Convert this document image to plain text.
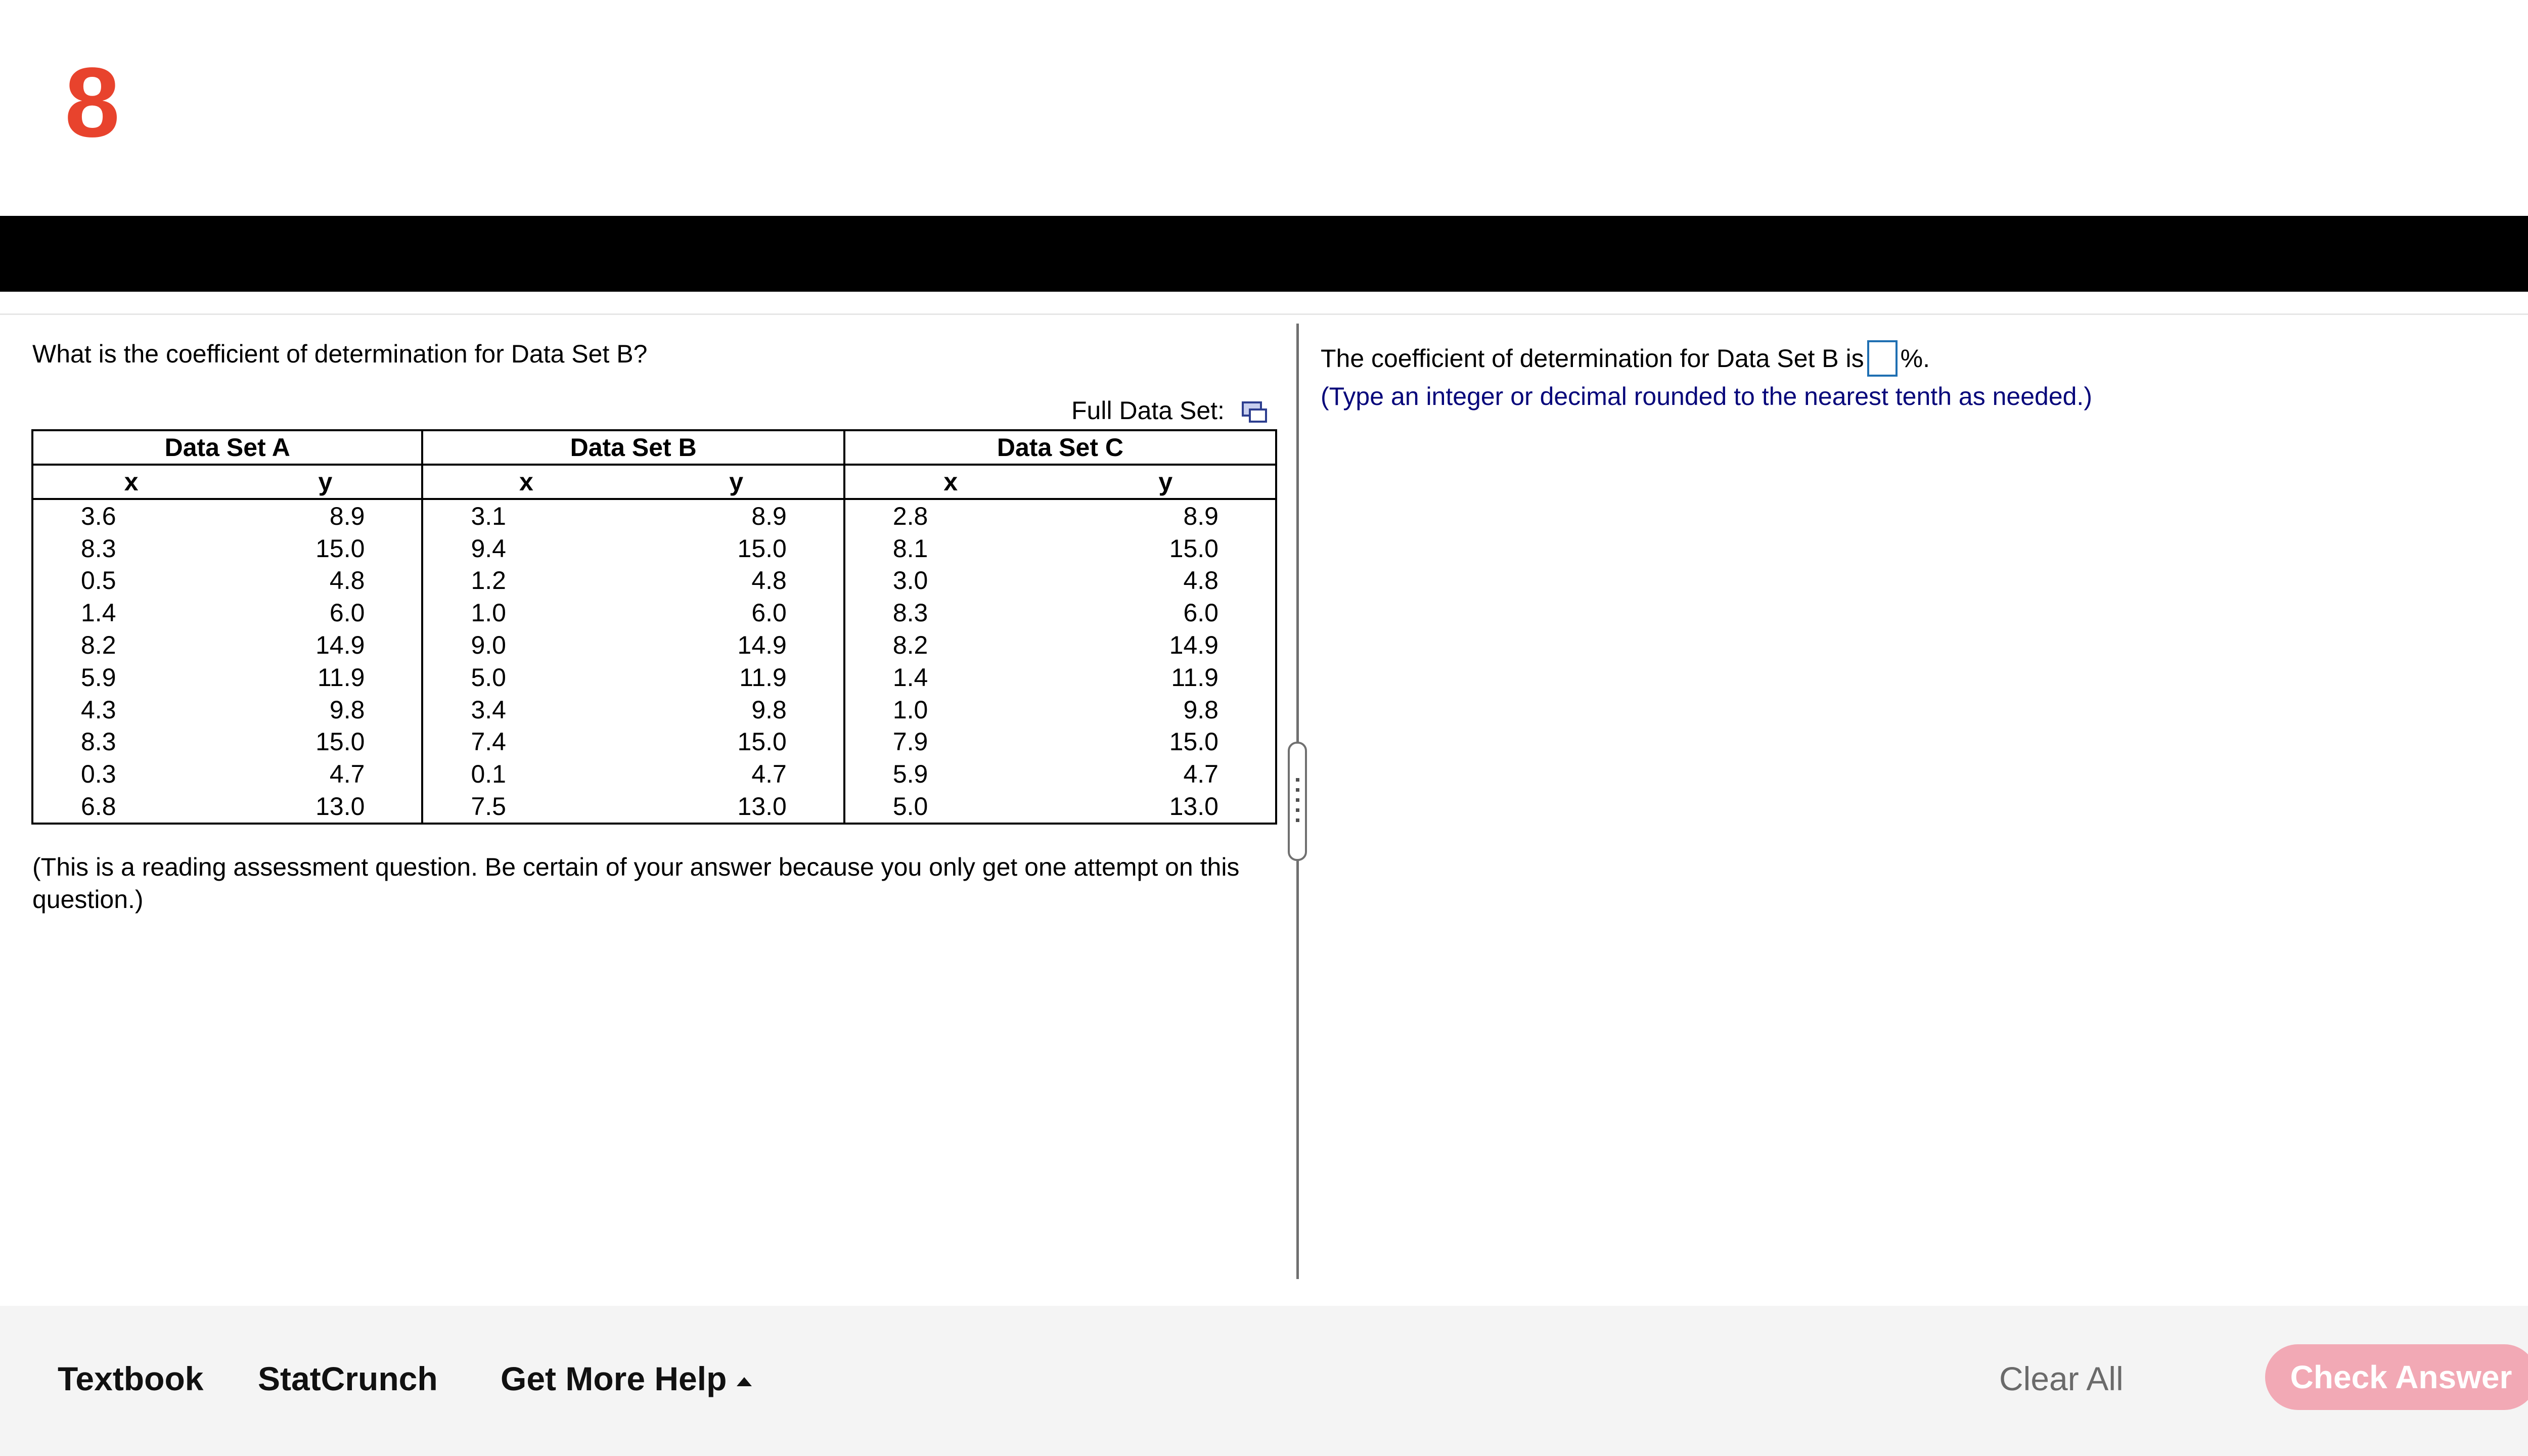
8
What is the coefficient of determination for Data Set B?
Full Data Set:
Data Set A		Data Set B		Data Set C	
x	y	x	y	x	y
3.6	8.9	3.1	8.9	2.8	8.9
8.3	15.0	9.4	15.0	8.1	15.0
0.5	4.8	1.2	4.8	3.0	4.8
1.4	6.0	1.0	6.0	8.3	6.0
8.2	14.9	9.0	14.9	8.2	14.9
5.9	11.9	5.0	11.9	1.4	11.9
4.3	9.8	3.4	9.8	1.0	9.8
8.3	15.0	7.4	15.0	7.9	15.0
0.3	4.7	0.1	4.7	5.9	4.7
6.8	13.0	7.5	13.0	5.0	13.0
(This is a reading assessment question. Be certain of your answer because you only get one attempt on this question.)
The coefficient of determination for Data Set B is %.
(Type an integer or decimal rounded to the nearest tenth as needed.)
Textbook StatCrunch Get More Help	Clear All	Check Answer
